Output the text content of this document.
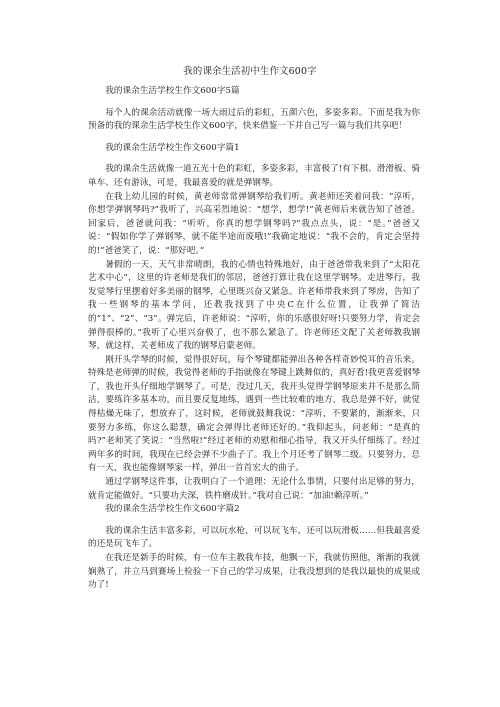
我的课余生活初中生作文600字

我的课余生活学校生作文600字5篇

每个人的课余活动就像一场大雨过后的彩虹，五颜六色，多姿多彩。下面是我为你预备的我的课余生活学校生作文600字，快来借鉴一下并自己写一篇与我们共享吧！

我的课余生活学校生作文600字篇1

我的课余生活就像一道五光十色的彩虹，多姿多彩，丰富极了!有下棋、滑滑板、骑单车、还有游泳，可是，我最喜爱的就是弹钢琴。

在我上幼儿园的时候，黄老师常常弹钢琴给我们听。黄老师还笑着问我：“淳听，你想学弹钢琴吗?”我听了，兴高采烈地说：“想学，想学!”黄老师后来就告知了爸爸。回家后，爸爸就问我：“听听，你真的想学钢琴吗?”我点点头，说：“是。”爸爸又说：“假如你学了弹钢琴，就不能半途而废哦!”我确定地说：“我不会的，肯定会坚持的!”爸爸笑了，说：“那好吧。”

暑假的一天，天气非常晴朗，我的心情也特殊地好，由于爸爸带我来到了“太阳花艺术中心”，这里的许老师是我们的邻居，爸爸打算让我在这里学钢琴。走进琴行，我发觉琴行里摆着好多美丽的钢琴，心里既兴奋又紧急。许老师带我来到了琴房，告知了我一些钢琴的基本学问，还教我找到了中央C在什么位置，让我弹了简洁的“1”、“2”、“3”。弹完后，许老师说：“淳听，你的乐感很好呀!只要努力学，肯定会弹得很棒的。”我听了心里兴奋极了，也不那么紧急了。许老师还文配了关老师教我钢琴，就这样，关老师成了我的钢琴启蒙老师。

刚开头学琴的时候，觉得很好玩，每个琴键都能弹出各种各样奇妙悦耳的音乐来。特殊是老师弹的时候，我觉得老师的手指就像在琴键上跳舞似的，真好看!我更喜爱钢琴了，我也开头仔细地学钢琴了。可是，没过几天，我开头觉得学钢琴原来并不是那么简洁，要练许多基本功，而且要反复地练，遇到一些比较难的地方，我总是弹不好，就觉得枯燥无味了，想放弃了，这时候，老师就鼓舞我说：“淳听，不要紧的，渐渐来，只要努力多练，你这么聪慧，确定会弹得比老师还好的。”我仰起头，问老师：“是真的吗?”老师笑了笑说：“当然啦!”经过老师的劝慰和细心指导，我又开头仔细练了。经过两年多的时间，我现在已经会弹不少曲子了。我上个月还考了钢琴二级。只要努力，总有一天，我也能像钢琴家一样，弹出一首首宏大的曲子。

通过学钢琴这件事，让我明白了一个道理：无论什么事情，只要付出足够的努力，就肯定能做好。“只要功夫深，铁杵磨成针。”我对自己说：“加油!赖淳听。”

我的课余生活学校生作文600字篇2

我的课余生活丰富多彩，可以玩水枪，可以玩飞车，还可以玩滑板……但我最喜爱的还是玩飞车了。

在我还是新手的时候，有一位车主教我车技，他飘一下，我就仿照他，渐渐的我就娴熟了，并立马到赛场上检验一下自己的学习成果，让我没想到的是我以最快的成果成功了!
